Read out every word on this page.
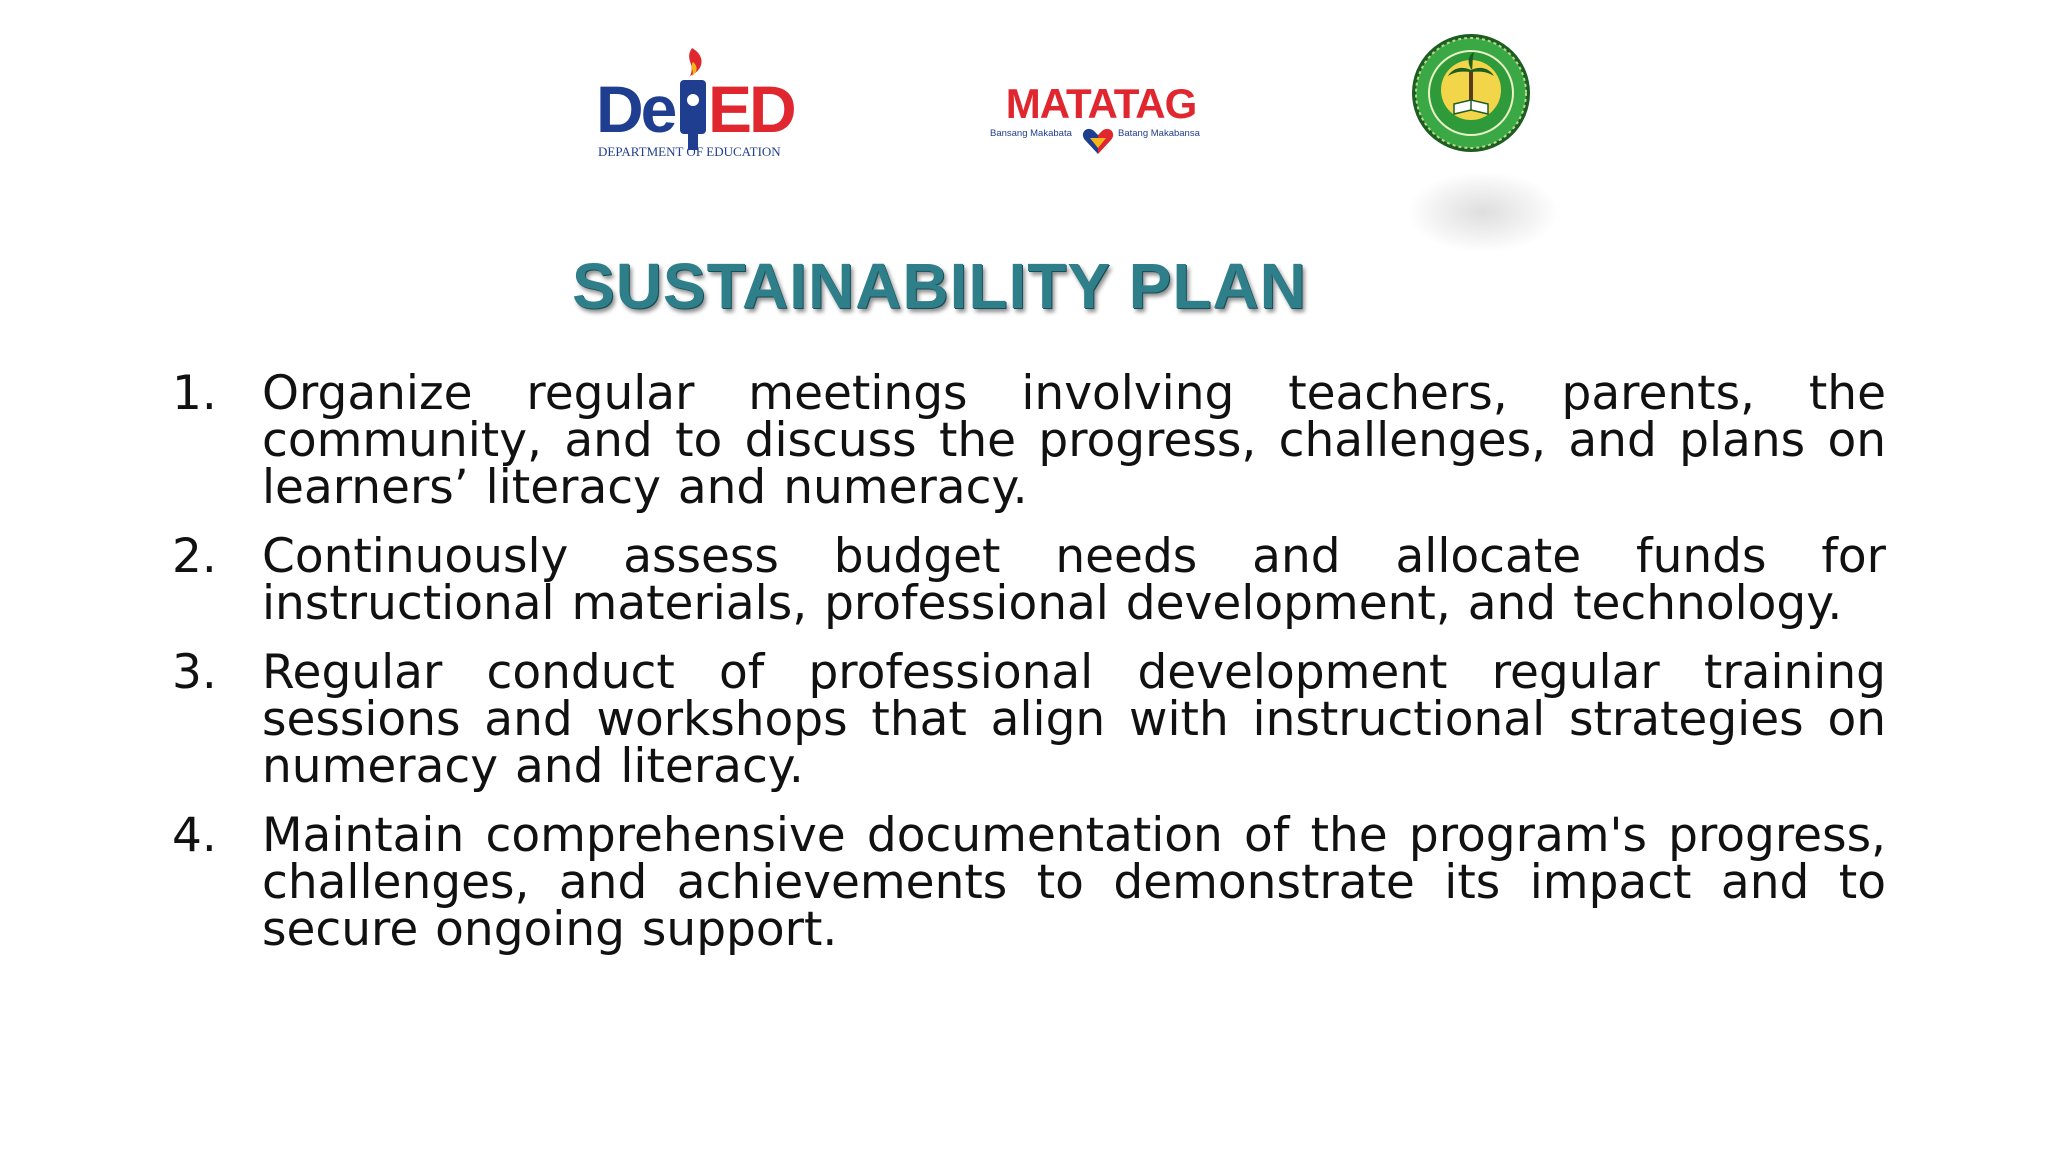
De ED
DEPARTMENT OF EDUCATION
MATATAG
Bansang Makabata	Batang Makabansa
SUSTAINABILITY PLAN
1. Organize regular meetings involving teachers, parents, the community, and to discuss the progress, challenges, and plans on learners’ literacy and numeracy.
2. Continuously assess budget needs and allocate funds for instructional materials, professional development, and technology.
3. Regular conduct of professional development regular training sessions and workshops that align with instructional strategies on numeracy and literacy.
4. Maintain comprehensive documentation of the program's progress, challenges, and achievements to demonstrate its impact and to secure ongoing support.
